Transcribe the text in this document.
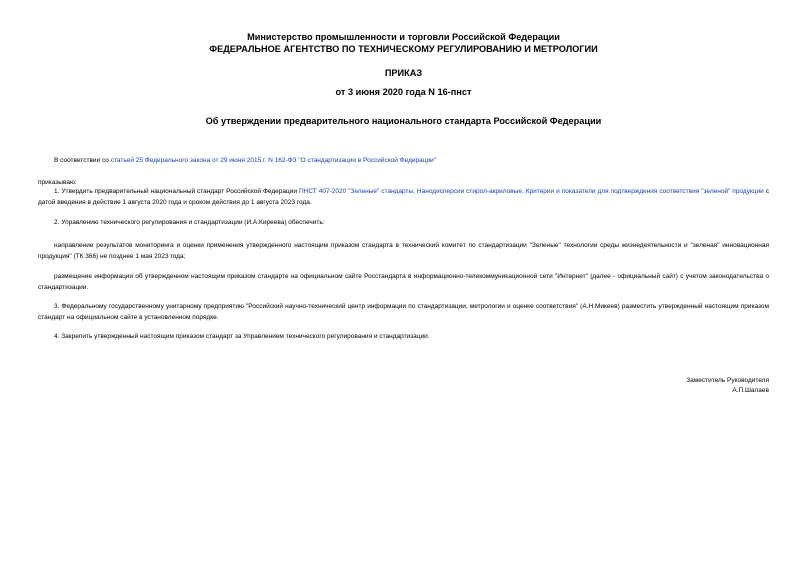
Министерство промышленности и торговли Российской Федерации
ФЕДЕРАЛЬНОЕ АГЕНТСТВО ПО ТЕХНИЧЕСКОМУ РЕГУЛИРОВАНИЮ И МЕТРОЛОГИИ
ПРИКАЗ
от 3 июня 2020 года N 16-пнст
Об утверждении предварительного национального стандарта Российской Федерации
В соответствии со статьей 25 Федерального закона от 29 июня 2015 г. N 162-ФЗ "О стандартизации в Российской Федерации"
приказываю:
1. Утвердить предварительный национальный стандарт Российской Федерации ПНСТ 407-2020 "Зеленые" стандарты. Нанодисперсии стирол-акриловые. Критерии и показатели для подтверждения соответствия "зеленой" продукции с датой введения в действие 1 августа 2020 года и сроком действия до 1 августа 2023 года.
2. Управлению технического регулирования и стандартизации (И.А.Киреева) обеспечить:
направление результатов мониторинга и оценки применения утвержденного настоящим приказом стандарта в технический комитет по стандартизации "Зеленые" технологии среды жизнедеятельности и "зеленая" инновационная продукция" (ТК 366) не позднее 1 мая 2023 года;
размещение информации об утвержденном настоящим приказом стандарте на официальном сайте Росстандарта в информационно-телекоммуникационной сети "Интернет" (далее - официальный сайт) с учетом законодательства о стандартизации.
3. Федеральному государственному унитарному предприятию "Российский научно-технический центр информации по стандартизации, метрологии и оценке соответствия" (А.Н.Микеев) разместить утвержденный настоящим приказом стандарт на официальном сайте в установленном порядке.
4. Закрепить утвержденный настоящим приказом стандарт за Управлением технического регулирования и стандартизации.
Заместитель Руководителя
А.П.Шалаев
